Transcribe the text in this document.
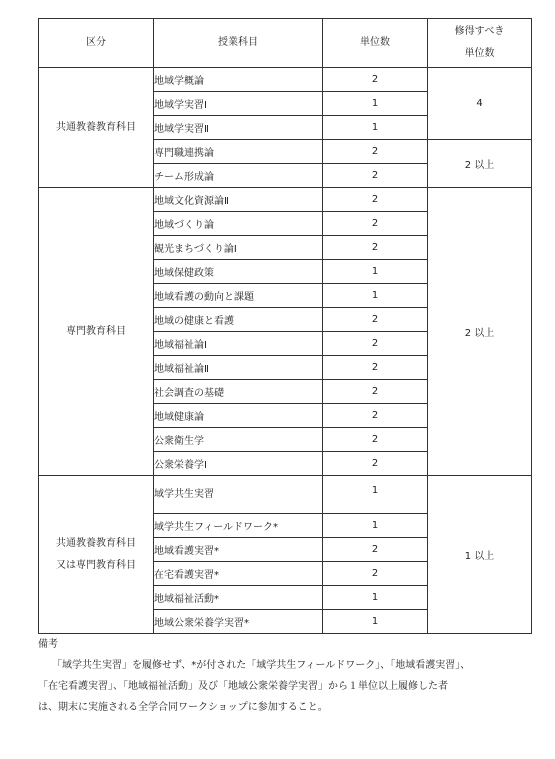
区分	授業科目	単位数	修得すべき
単位数

共通教養教育科目	地域学概論	2	4
	地域学実習Ⅰ	1	
	地域学実習Ⅱ	1	
	専門職連携論	2	2 以上
	チーム形成論	2	
専門教育科目	地域文化資源論Ⅱ	2	2 以上
	地域づくり論	2	
	観光まちづくり論Ⅰ	2	
	地域保健政策	1	
	地域看護の動向と課題	1	
	地域の健康と看護	2	
	地域福祉論Ⅰ	2	
	地域福祉論Ⅱ	2	
	社会調査の基礎	2	
	地域健康論	2	
	公衆衛生学	2	
	公衆栄養学Ⅰ	2	

共通教養教育科目
又は専門教育科目	域学共生実習	1	1 以上
	域学共生フィールドワーク*	1	
	地域看護実習*	2	
	在宅看護実習*	2	
	地域福祉活動*	1	
	地域公衆栄養学実習*	1	

備考

「域学共生実習」を履修せず、*が付された「域学共生フィールドワーク」、「地域看護実習」、
「在宅看護実習」、「地域福祉活動」及び「地域公衆栄養学実習」から１単位以上履修した者
は、期末に実施される全学合同ワークショップに参加すること。
